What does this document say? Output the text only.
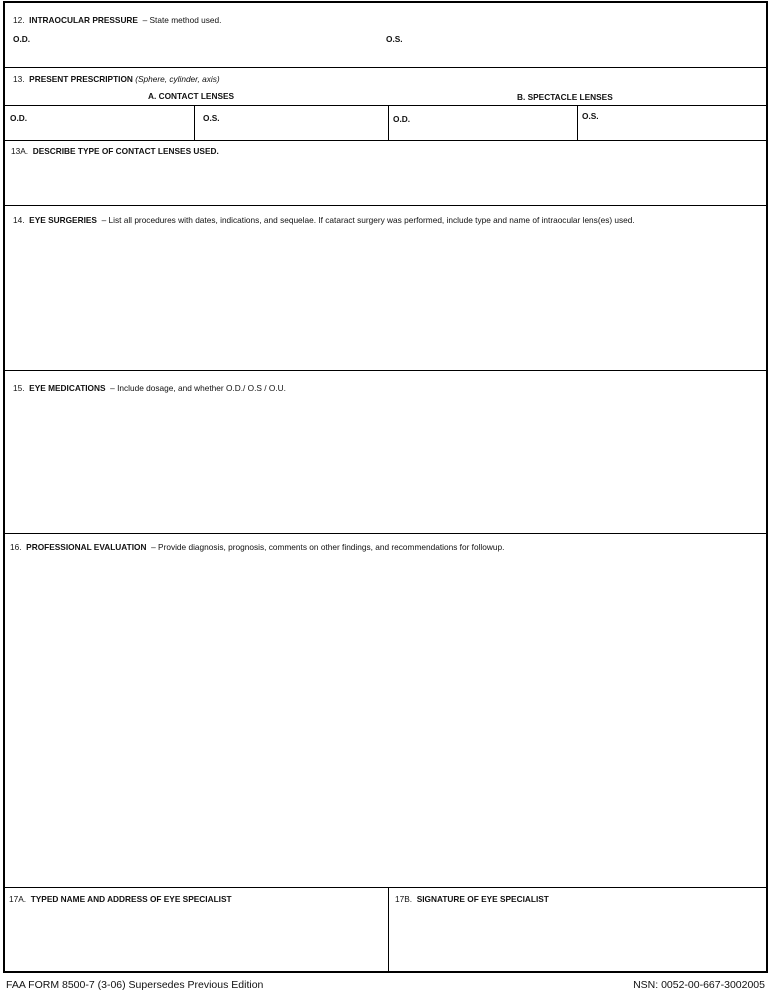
12. INTRAOCULAR PRESSURE – State method used.
O.D.	O.S.
13. PRESENT PRESCRIPTION (Sphere, cylinder, axis)
A. CONTACT LENSES	B. SPECTACLE LENSES
O.D.	O.S.	O.D.	O.S.
13A. DESCRIBE TYPE OF CONTACT LENSES USED.
14. EYE SURGERIES – List all procedures with dates, indications, and sequelae. If cataract surgery was performed, include type and name of intraocular lens(es) used.
15. EYE MEDICATIONS – Include dosage, and whether O.D./ O.S / O.U.
16. PROFESSIONAL EVALUATION – Provide diagnosis, prognosis, comments on other findings, and recommendations for followup.
17A. TYPED NAME AND ADDRESS OF EYE SPECIALIST	17B. SIGNATURE OF EYE SPECIALIST
FAA FORM 8500-7 (3-06) Supersedes Previous Edition	NSN: 0052-00-667-3002005
